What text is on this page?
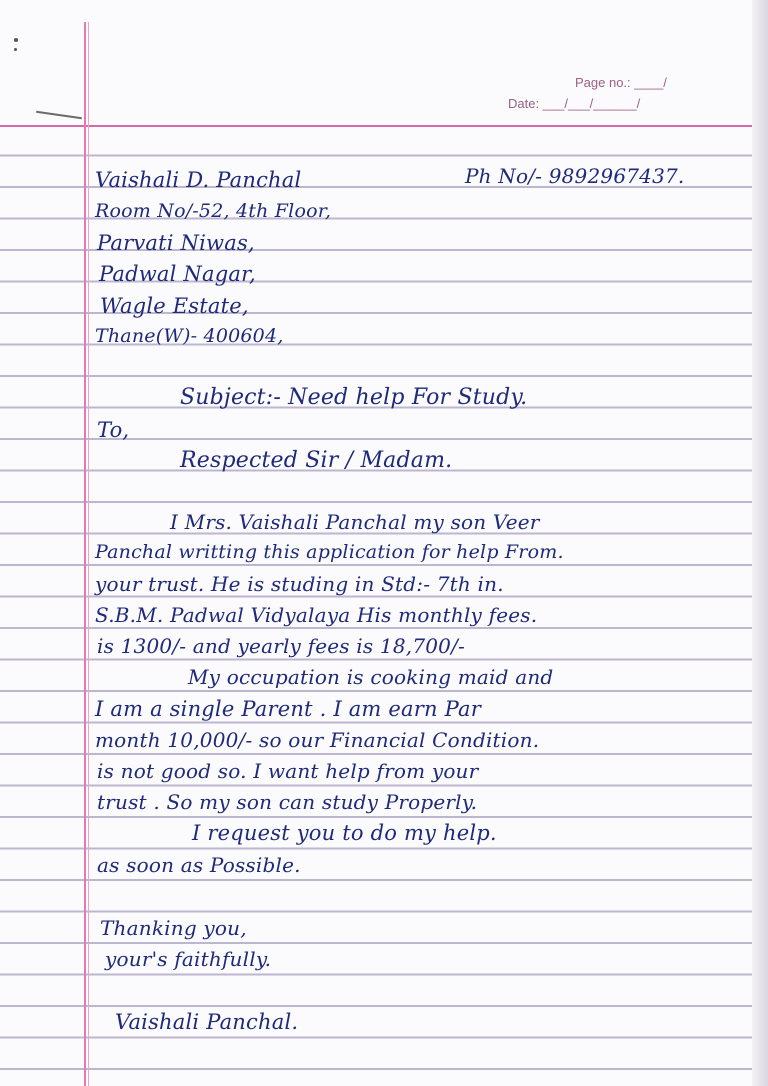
Page no.: ____/
Date: ___/___/______/
Vaishali D. Panchal	Ph No/- 9892967437.
Room No/-52, 4th Floor,
Parvati Niwas,
Padwal Nagar,
Wagle Estate,
Thane(W)- 400604,
Subject:- Need help For Study.
To,
Respected Sir / Madam.
I Mrs. Vaishali Panchal my son Veer
Panchal writting this application for help From.
your trust. He is studing in Std:- 7th in.
S.B.M. Padwal Vidyalaya His monthly fees.
is 1300/- and yearly fees is 18,700/-
My occupation is cooking maid and
I am a single Parent . I am earn Par
month 10,000/- so our Financial Condition.
is not good so. I want help from your
trust . So my son can study Properly.
I request you to do my help.
as soon as Possible.
Thanking you,
your's faithfully.
Vaishali Panchal.
